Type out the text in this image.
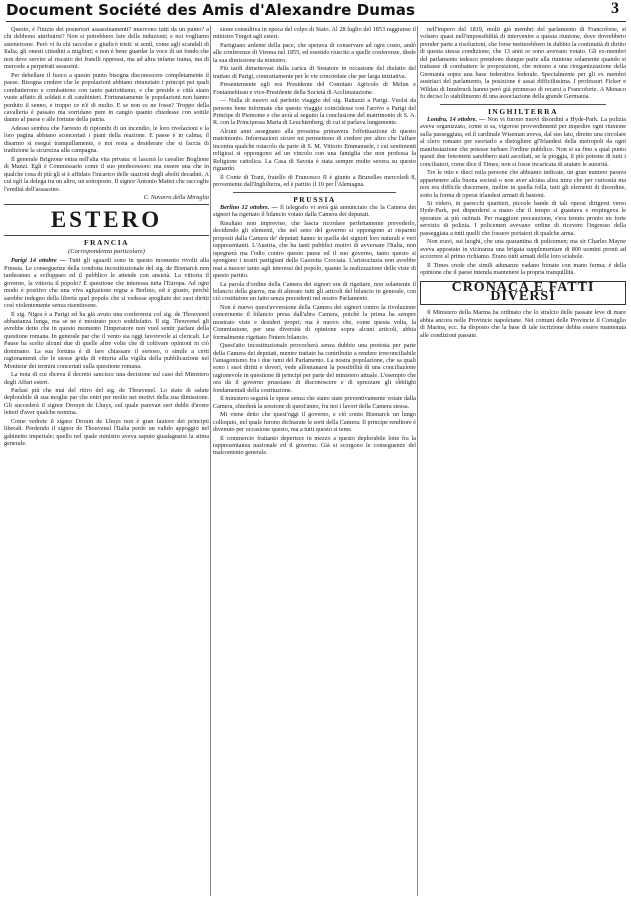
Document Société des Amis d'Alexandre Dumas	3

Questo, è l'inizio dei posteriori assassinamenti? muovono tutti da un punto? a chi debbono attribuirsi? Non si potrebbero fare delle induzioni; e noi vogliamo astenercene. Però vi fu chi raccolse e giudicò tristi: si sentì, come agli scandali di Italia, gli onesti cittadini a migliori; e non è bene guardar la voce di un fondo che non deve servire al riscatto dei fratelli oppressi, ma ad altra infame trama, ma di mercede a perpetrati assassini.

Per debellare il fuoco a questo punto bisogna disconoscere completamente il paese. Bisogna credere che le popolazioni abbiano rinunziato i principi pei quali combatterono e combattono con tanto patriottismo, e che preside e città siano vuote affatto di soldati e di carabinieri. Fortunatamente le popolazioni non hanno perduto il senno, e troppo ce n'è di molto. E se non ce ne fosse? Troppo della cavalleria è passato ma sorridano pure in cangio quanto chiedesse con sottile danno al paese e alle fortune della patria.

Adesso sembra che l'arresto di ripiombi di un incendio, le loro rivelazioni e la loro pagina abbiano sconcertati i piani della reazione. E paese è in calma; il disarmo si eseguì tranquillamente, e noi resta a desiderare che si faccia di tradizione la sicurezza alla campagna.

Il generale Brignone entra nell'alta vita privata: si lascerà lo cavalier Boglione di Manzi. Egli è Commissario come il suo predecessore: ma essere una che in qualche cosa di più gli si è affidato l'incarico delle stazioni degli abolti decaduti. A cui egli la delega tra un altro, un sottoposto. Il signor Antonio Mattei che raccoglie l'eredità dell'assassino.

C. Navarro della Miraglia
ESTERO
FRANCIA
(Corrispondenza particolare)

Parigi 14 ottobre — Tutti gli sguardi sono in questo momento rivolti alla Prussia. Le conseguenze della condotta incostituzionale del sig. de Bismarck non tarderanno a sviluppare ed il pubblico le attende con ansietà. La vittoria il governo, la vittoria il popolo? È questione che interessa tutta l'Europa. Ad ogni modo è positivo che una viva agitazione regna a Berlino, ed è giusto, perchè sarebbe indegno della libertà quel popolo che si vedesse spogliato dei suoi diritti così violentemente senza risentirsene.

Il sig. Nigra è a Parigi ed ha già avuto una conferenza col sig. de Thouvenel abbastanza lunga, ma se ne è mostrato poco soddisfatto. Il sig. Thouvenel gli avrebbe detto che in questo momento l'Imperatore non vuol sentir parlare della questione romana. In generale par che il vento sia oggi favorevole ai clericali. Le Pause ha scelto alcuni due di quelle altre volte che di coltivare opinioni in ciò dominano. La sua fortuna è di fare chiassare il serioso, o simile a certi ragionamenti che le stesse grida di vittoria alla vigilia della pubblicazione nel Moniteur dei termini concertati sulla questione romana.

La nota di cui diceva il decreto sancisce una decisione sul caso del Ministero degli Affari esteri.

Parlasi più che mai del ritiro del sig. de Thouvenel. Lo stato di salute deplorabile di sua moglie par che entri per molto nei motivi della sua dimissione. Gli succederà il signor Drouyn de Lhuys, sul quale parevan seri dubbi d'avere letteri d'aver qualche nomina.

Come vedrete il signor Drouin de Lhuys non è gran fautore dei principii liberali. Perdendo il signor de Thouvenel l'Italia perde un valido appoggio nel gabinetto imperiale; quello nel quale ministro aveva saputo guadagnarsi la stima generale.

sione consultiva in epoca del colpo di Stato. Al 28 luglio del 1853 raggiunse il ministro Turgot agli esteri.

Partigiano ardente della pace, che sperava di conservare ad ogni costo, andò alle conferenze di Vienna nel 1855, ed essendo riuscito a quelle conferenze, diede la sua dimissione da ministro.

Più tardi dimettevasi dalla carica di Senatore in occasione del disfatto del trattato di Parigi, contrariamente per le vie concordate che per larga iniziativa.

Presentemente egli era Presidente del Comitato Agricolo di Melun e Fontainebleau e vice-Presidente della Società di Acclimatazione.

— Nulla di nuovo sul perfetto viaggio del sig. Rattazzi a Parigi. Vuolsi da persone bene informate che questo viaggio coincidesse con l'arrivo a Parigi del Principe di Piemonte e che avrà al seguito la conclusione del matrimonio di S. A. R. con la Principessa Maria di Leuchtenberg, di cui si parlava lungamente.

Alcuni anni assegnano alla prossima primavera l'effettuazione di questo matrimonio. Informazioni sicure mi permettono di credere per altro che l'affare incontra qualche ostacolo da parte di S. M. Vittorio Emmanuele, i cui sentimenti religiosi si oppongono ad un vincolo con una famiglia che non professa la Religione cattolica. La Casa di Savoia è stata sempre molto severa su questo riguardo.

Il Conte di Trani, fratello di Francesco II è giunto a Bruxelles mercoledì 8, proveniente dall'Inghilterra, ed è partito il 10 per l'Alemagna.

PRUSSIA

Berlino 12 ottobre. — Il telegrafo vi avrà già annunciato che la Camera dei signori ha rigettato il bilancio votato dalla Camera dei deputati.

Risultato non impreviso, che lascia ricordare perfettamente prevederlo, decidendo gli elementi, che nel seno del governo si oppongono ai risparmi proposti dalla Camera de' deputati hanno in quella dei signori loro naturali e veri rappresentanti. L'Austria, che ha tanti pubblici motivi di avversare l'Italia, non ispegnerà ma l'odio contro questo paese ed il suo governo, tanto questo si spongono i nostri partigiani della Gazzetta Crociata. L'aristocrazia non avrebbe mai a nuocer tanto agli interessi del popolo, quanto la realizzazione delle viste di questo partito.

La parola d'ordine della Camera dei signori era di rigettare, non solamente il bilancio della guerra, ma di alterare tutti gli articoli del bilancio in generale, con ciò costituirne un fatto senza precedenti nel nostro Parlamento.

Non è nuovo quest'avversione della Camera dei signori contro la rivoluzione concernente il bilancio presa dall'altra Camera, poichè la prima ha sempre mostrato viste e desideri propri; ma è nuovo che, come questa volta, la Commissione, per una diversità di opinione sopra alcuni articoli, abbia formalmente rigettato l'intero bilancio.

Quest'atto incostituzionale provocherà senza dubbio una protesta per parte della Camera dei deputati, mentre trattato ha contribuito a rendere irreconciliabile l'antagonismo fra i due rami del Parlamento. La nostra popolazione, che sa quali sono i suoi diritti e doveri, vede allontanarsi la possibilità di una conciliazione ragionevole in questione di principi per parte del ministero attuale. L'esempio che ora dà il governo prussiano di disconoscere e di sprezzare gli obblighi fondamentali della costituzione.

Il ministero seguirà le spese senza che siano state preventivamente votate dalla Camera, chiederà la sessione di quest'anno, fra noi i lavori della Camera stessa.

Mi viene detto che quest'oggi il governo, e ciò conto Bismarck un lungo colloquio, nel quale furono dichiarate le sorti della Camera. Il principe renditore è divenuto per occasione questo, ma a tutti questo si teme.

Il commercio frattanto deperisce in mezzo a questo deplorabile lotte fra la rappresentanza nazionale ed il governo. Già si scorgono le conseguenze del malcontento generale.

nell'impero del 1819, molti già membri del parlamento di Francoforte, si volsero quasi nell'impossibilità di intervenire a questa riunione, dove dovrebbero prender parte a risoluzioni, che forse metterebbero in dubbio la continuità di diritto di questa stessa condizione, che 13 anni or sono avevano votato. Gli ex-membri del parlamento tedesco prendono dunque parte alla riunione solamente quando si trattasse di combattere le proposizioni, che mirano a una riorganizzazione della Germania sopra una base federativa federale. Specialmente per gli ex membri austriaci del parlamento, la posizione è assai difficilissima. I professori Ficker e Wildau di Innsbruck hanno però già promesso di recarsi a Francoforte. A Monaco fu deciso lo stabilimento di una associazione della grande Germania.

INGHILTERRA

Londra, 14 ottobre. — Non vi furono nuovi disordini a Hyde-Park. La polizia aveva organizzato, come si sa, vigorosi provvedimenti per impedire ogni riunione sulla passeggiata, ed il cardinale Wiseman aveva, dal suo lato, diretto una circolare al clero romano per esortarlo a distogliere gl'Irlandesi della metropoli da ogni manifestazione che potesse turbare l'ordine pubblico. Non si sa fino a qual punto questi due fenomeni sarebbero stati ascoltati, se la pioggia, il più potente di tutti i conciliatori, come dice il Times, non si fosse incaricata di aiutare le autorità.

Tre le otto e dieci mila persone che abbiamo indicate, un gran numero parava appartenere alla buona società o non aver alcuna altra mira che per curiosità ma non era difficile discernere, inoltre in quella folla, tutti gli elementi di disordine, sotto la forma di operai irlandesi armati di bastoni.

Si videro, in parecchi quartieri, piccole bande di tali operai dirigersi verso Hyde-Park, poi disperdersi a mano che il tempo si guastava e respingeva le speranze ai più ostinati. Per maggiore precauzione, s'era tenuto pronto un forte servizio di polizia. I policemen avevano ordine di ricevere l'ingresso della passeggiata a tutti quelli che fossero portatori di qualche arma.

Non eravi, sui luoghi, che una quarantina di policemen; ma sir Charles Mayne aveva appostato in vicinanza una brigata supplementare di 800 uomini pronti ad accorrere al primo richiamo. Erano tutti armati delle loro sciabole.

Il Times crede che simili adunanze vadano frenate con mano ferma; è della opinione che il paese intenda mantenere la propria tranquillità.

CRONACA E FATTI DIVERSI

Il Ministero della Marina ha ordinato che lo stralcio delle passate leve di mare abbia ancora nelle Provincie napoletane. Nei comuni delle Provincie il Consiglio di Marina, ecc. ha disposto che la base di tale iscrizione debba essere mantenuta alle condizioni passate.
